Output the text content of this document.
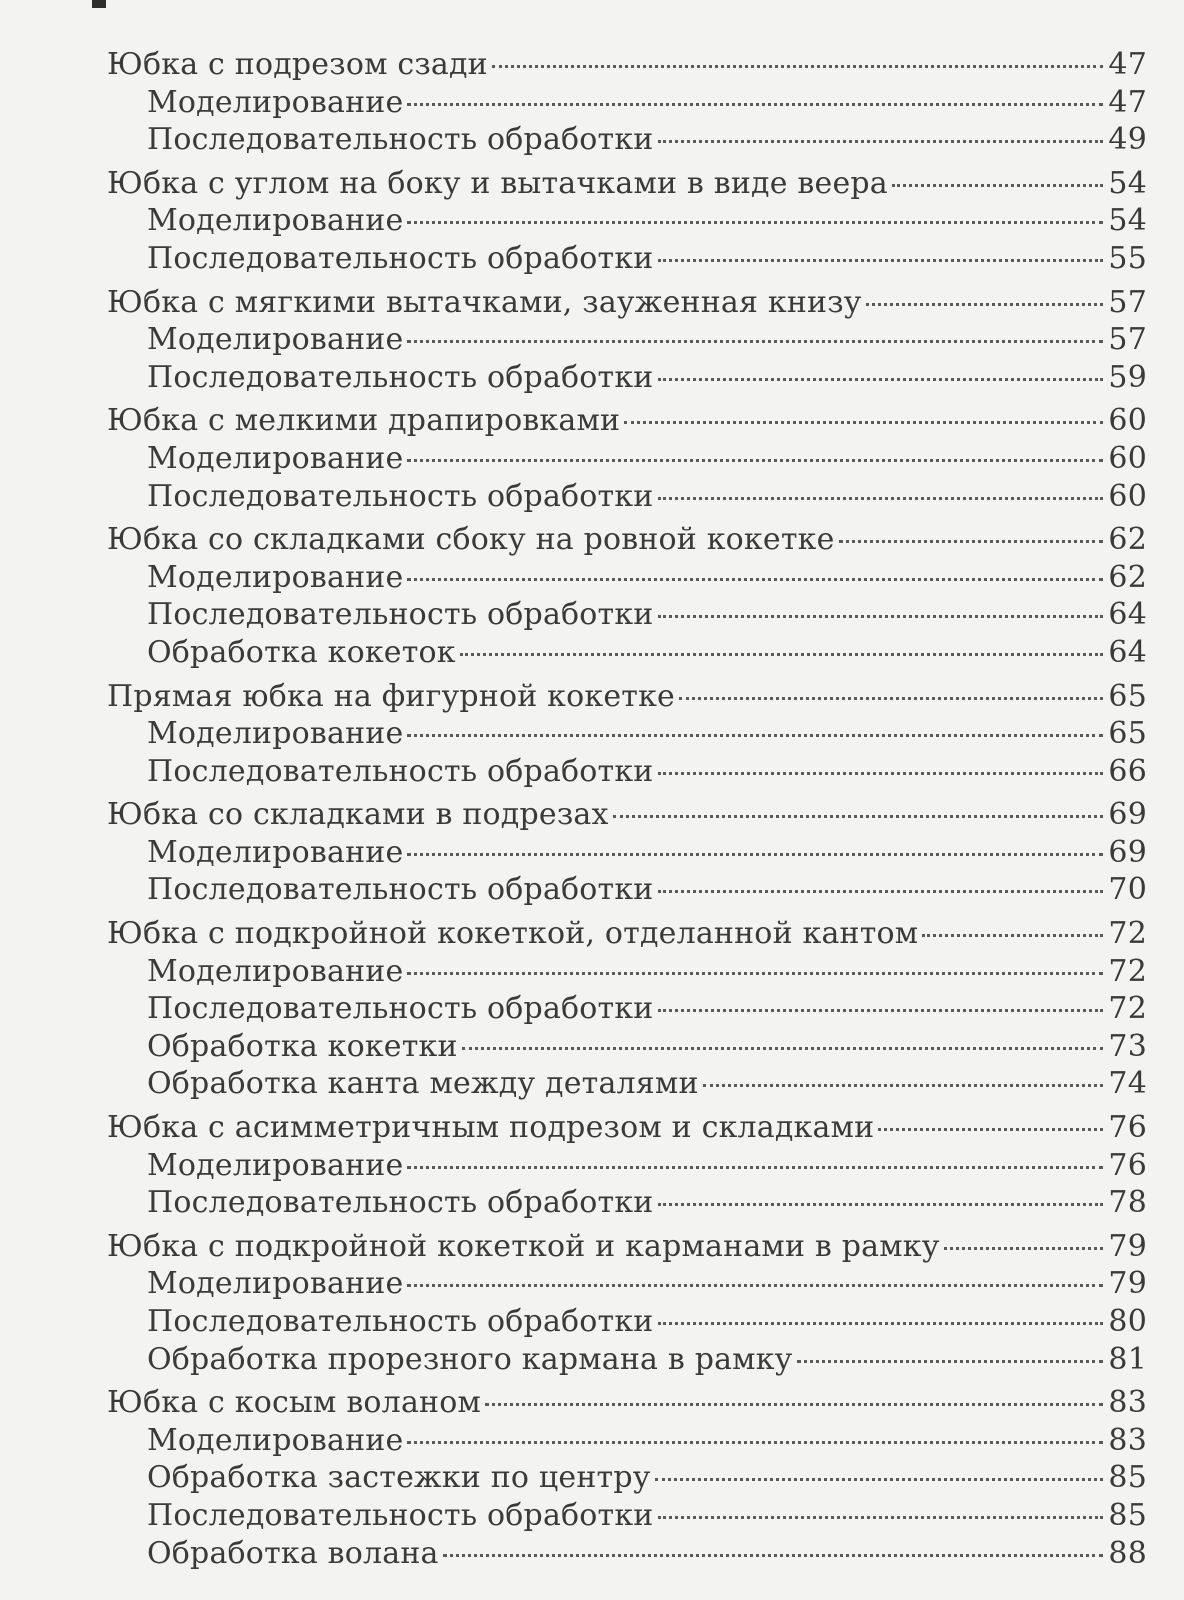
Юбка с подрезом сзади	47
Моделирование	47
Последовательность обработки	49
Юбка с углом на боку и вытачками в виде веера	54
Моделирование	54
Последовательность обработки	55
Юбка с мягкими вытачками, зауженная книзу	57
Моделирование	57
Последовательность обработки	59
Юбка с мелкими драпировками	60
Моделирование	60
Последовательность обработки	60
Юбка со складками сбоку на ровной кокетке	62
Моделирование	62
Последовательность обработки	64
Обработка кокеток	64
Прямая юбка на фигурной кокетке	65
Моделирование	65
Последовательность обработки	66
Юбка со складками в подрезах	69
Моделирование	69
Последовательность обработки	70
Юбка с подкройной кокеткой, отделанной кантом	72
Моделирование	72
Последовательность обработки	72
Обработка кокетки	73
Обработка канта между деталями	74
Юбка с асимметричным подрезом и складками	76
Моделирование	76
Последовательность обработки	78
Юбка с подкройной кокеткой и карманами в рамку	79
Моделирование	79
Последовательность обработки	80
Обработка прорезного кармана в рамку	81
Юбка с косым воланом	83
Моделирование	83
Обработка застежки по центру	85
Последовательность обработки	85
Обработка волана	88
